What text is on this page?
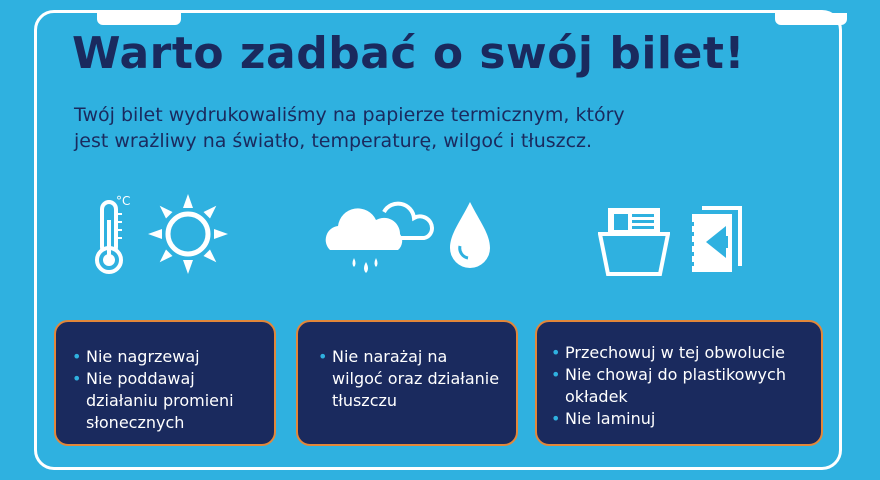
Warto zadbać o swój bilet!
Twój bilet wydrukowaliśmy na papierze termicznym, który
jest wrażliwy na światło, temperaturę, wilgoć i tłuszcz.
°C
• Nie nagrzewaj
• Nie poddawaj działaniu promieni słonecznych
• Nie narażaj na wilgoć oraz działanie tłuszczu
• Przechowuj w tej obwolucie
• Nie chowaj do plastikowych okładek
• Nie laminuj
